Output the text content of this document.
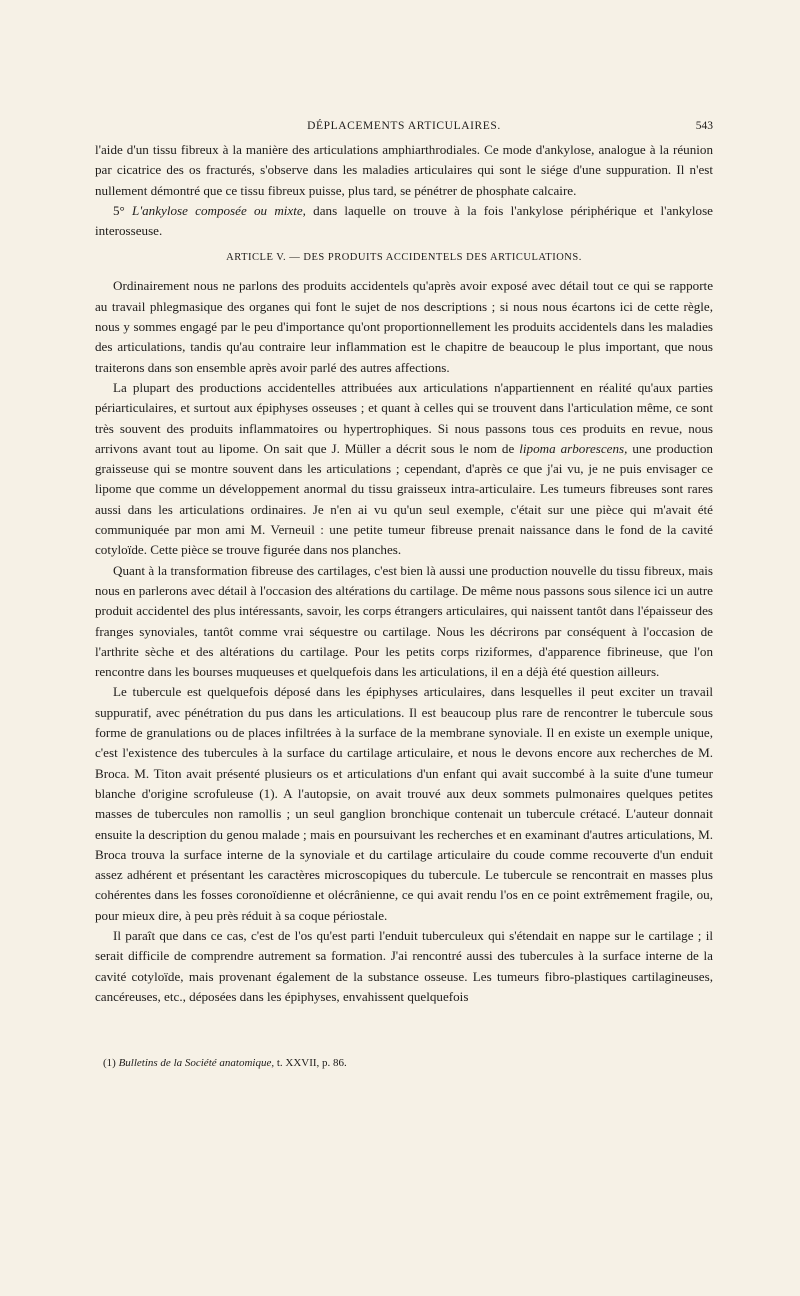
DÉPLACEMENTS ARTICULAIRES.	543

l'aide d'un tissu fibreux à la manière des articulations amphiarthrodiales. Ce mode d'ankylose, analogue à la réunion par cicatrice des os fracturés, s'observe dans les maladies articulaires qui sont le siége d'une suppuration. Il n'est nullement démontré que ce tissu fibreux puisse, plus tard, se pénétrer de phosphate calcaire.

5° L'ankylose composée ou mixte, dans laquelle on trouve à la fois l'ankylose périphérique et l'ankylose interosseuse.

ARTICLE V. — DES PRODUITS ACCIDENTELS DES ARTICULATIONS.

Ordinairement nous ne parlons des produits accidentels qu'après avoir exposé avec détail tout ce qui se rapporte au travail phlegmasique des organes qui font le sujet de nos descriptions ; si nous nous écartons ici de cette règle, nous y sommes engagé par le peu d'importance qu'ont proportionnellement les produits accidentels dans les maladies des articulations, tandis qu'au contraire leur inflammation est le chapitre de beaucoup le plus important, que nous traiterons dans son ensemble après avoir parlé des autres affections.

La plupart des productions accidentelles attribuées aux articulations n'appartiennent en réalité qu'aux parties périarticulaires, et surtout aux épiphyses osseuses ; et quant à celles qui se trouvent dans l'articulation même, ce sont très souvent des produits inflammatoires ou hypertrophiques. Si nous passons tous ces produits en revue, nous arrivons avant tout au lipome. On sait que J. Müller a décrit sous le nom de lipoma arborescens, une production graisseuse qui se montre souvent dans les articulations ; cependant, d'après ce que j'ai vu, je ne puis envisager ce lipome que comme un développement anormal du tissu graisseux intra-articulaire. Les tumeurs fibreuses sont rares aussi dans les articulations ordinaires. Je n'en ai vu qu'un seul exemple, c'était sur une pièce qui m'avait été communiquée par mon ami M. Verneuil : une petite tumeur fibreuse prenait naissance dans le fond de la cavité cotyloïde. Cette pièce se trouve figurée dans nos planches.

Quant à la transformation fibreuse des cartilages, c'est bien là aussi une production nouvelle du tissu fibreux, mais nous en parlerons avec détail à l'occasion des altérations du cartilage. De même nous passons sous silence ici un autre produit accidentel des plus intéressants, savoir, les corps étrangers articulaires, qui naissent tantôt dans l'épaisseur des franges synoviales, tantôt comme vrai séquestre ou cartilage. Nous les décrirons par conséquent à l'occasion de l'arthrite sèche et des altérations du cartilage. Pour les petits corps riziformes, d'apparence fibrineuse, que l'on rencontre dans les bourses muqueuses et quelquefois dans les articulations, il en a déjà été question ailleurs.

Le tubercule est quelquefois déposé dans les épiphyses articulaires, dans lesquelles il peut exciter un travail suppuratif, avec pénétration du pus dans les articulations. Il est beaucoup plus rare de rencontrer le tubercule sous forme de granulations ou de places infiltrées à la surface de la membrane synoviale. Il en existe un exemple unique, c'est l'existence des tubercules à la surface du cartilage articulaire, et nous le devons encore aux recherches de M. Broca. M. Titon avait présenté plusieurs os et articulations d'un enfant qui avait succombé à la suite d'une tumeur blanche d'origine scrofuleuse (1). A l'autopsie, on avait trouvé aux deux sommets pulmonaires quelques petites masses de tubercules non ramollis ; un seul ganglion bronchique contenait un tubercule crétacé. L'auteur donnait ensuite la description du genou malade ; mais en poursuivant les recherches et en examinant d'autres articulations, M. Broca trouva la surface interne de la synoviale et du cartilage articulaire du coude comme recouverte d'un enduit assez adhérent et présentant les caractères microscopiques du tubercule. Le tubercule se rencontrait en masses plus cohérentes dans les fosses coronoïdienne et olécrânienne, ce qui avait rendu l'os en ce point extrêmement fragile, ou, pour mieux dire, à peu près réduit à sa coque périostale.

Il paraît que dans ce cas, c'est de l'os qu'est parti l'enduit tuberculeux qui s'étendait en nappe sur le cartilage ; il serait difficile de comprendre autrement sa formation. J'ai rencontré aussi des tubercules à la surface interne de la cavité cotyloïde, mais provenant également de la substance osseuse. Les tumeurs fibro-plastiques cartilagineuses, cancéreuses, etc., déposées dans les épiphyses, envahissent quelquefois

(1) Bulletins de la Société anatomique, t. XXVII, p. 86.
